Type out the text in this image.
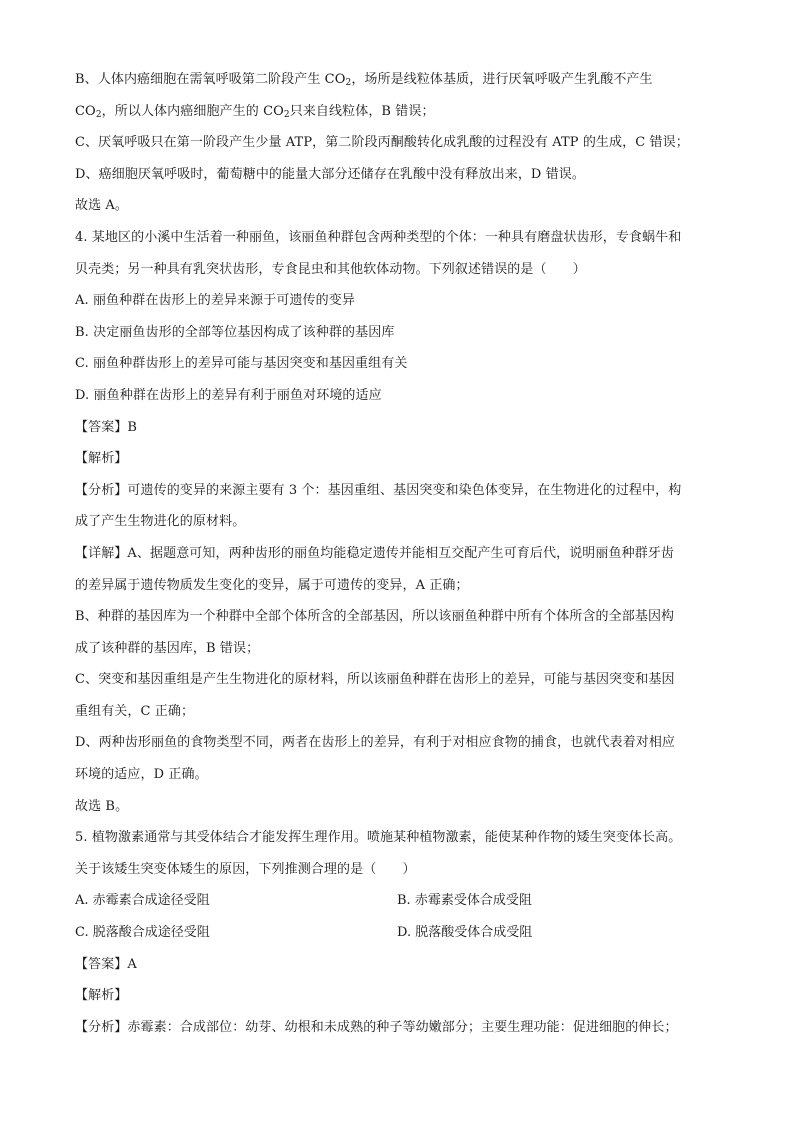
B、人体内癌细胞在需氧呼吸第二阶段产生 $CO_2$，场所是线粒体基质，进行厌氧呼吸产生乳酸不产生
$CO_2$，所以人体内癌细胞产生的 $CO_2$只来自线粒体，B 错误；
C、厌氧呼吸只在第一阶段产生少量 ATP，第二阶段丙酮酸转化成乳酸的过程没有 ATP 的生成，C 错误；
D、癌细胞厌氧呼吸时，葡萄糖中的能量大部分还储存在乳酸中没有释放出来，D 错误。
故选 A。
4. 某地区的小溪中生活着一种丽鱼，该丽鱼种群包含两种类型的个体：一种具有磨盘状齿形，专食蜗牛和
贝壳类；另一种具有乳突状齿形，专食昆虫和其他软体动物。下列叙述错误的是（　　）
A. 丽鱼种群在齿形上的差异来源于可遗传的变异
B. 决定丽鱼齿形的全部等位基因构成了该种群的基因库
C. 丽鱼种群齿形上的差异可能与基因突变和基因重组有关
D. 丽鱼种群在齿形上的差异有利于丽鱼对环境的适应
【答案】B
【解析】
【分析】可遗传的变异的来源主要有 3 个：基因重组、基因突变和染色体变异，在生物进化的过程中，构
成了产生生物进化的原材料。
【详解】A、据题意可知，两种齿形的丽鱼均能稳定遗传并能相互交配产生可育后代，说明丽鱼种群牙齿
的差异属于遗传物质发生变化的变异，属于可遗传的变异，A 正确；
B、种群的基因库为一个种群中全部个体所含的全部基因，所以该丽鱼种群中所有个体所含的全部基因构
成了该种群的基因库，B 错误；
C、突变和基因重组是产生生物进化的原材料，所以该丽鱼种群在齿形上的差异，可能与基因突变和基因
重组有关，C 正确；
D、两种齿形丽鱼的食物类型不同，两者在齿形上的差异，有利于对相应食物的捕食，也就代表着对相应
环境的适应，D 正确。
故选 B。
5. 植物激素通常与其受体结合才能发挥生理作用。喷施某种植物激素，能使某种作物的矮生突变体长高。
关于该矮生突变体矮生的原因，下列推测合理的是（　　）
A. 赤霉素合成途径受阻	B. 赤霉素受体合成受阻
C. 脱落酸合成途径受阻	D. 脱落酸受体合成受阻
【答案】A
【解析】
【分析】赤霉素：合成部位：幼芽、幼根和未成熟的种子等幼嫩部分；主要生理功能：促进细胞的伸长；
